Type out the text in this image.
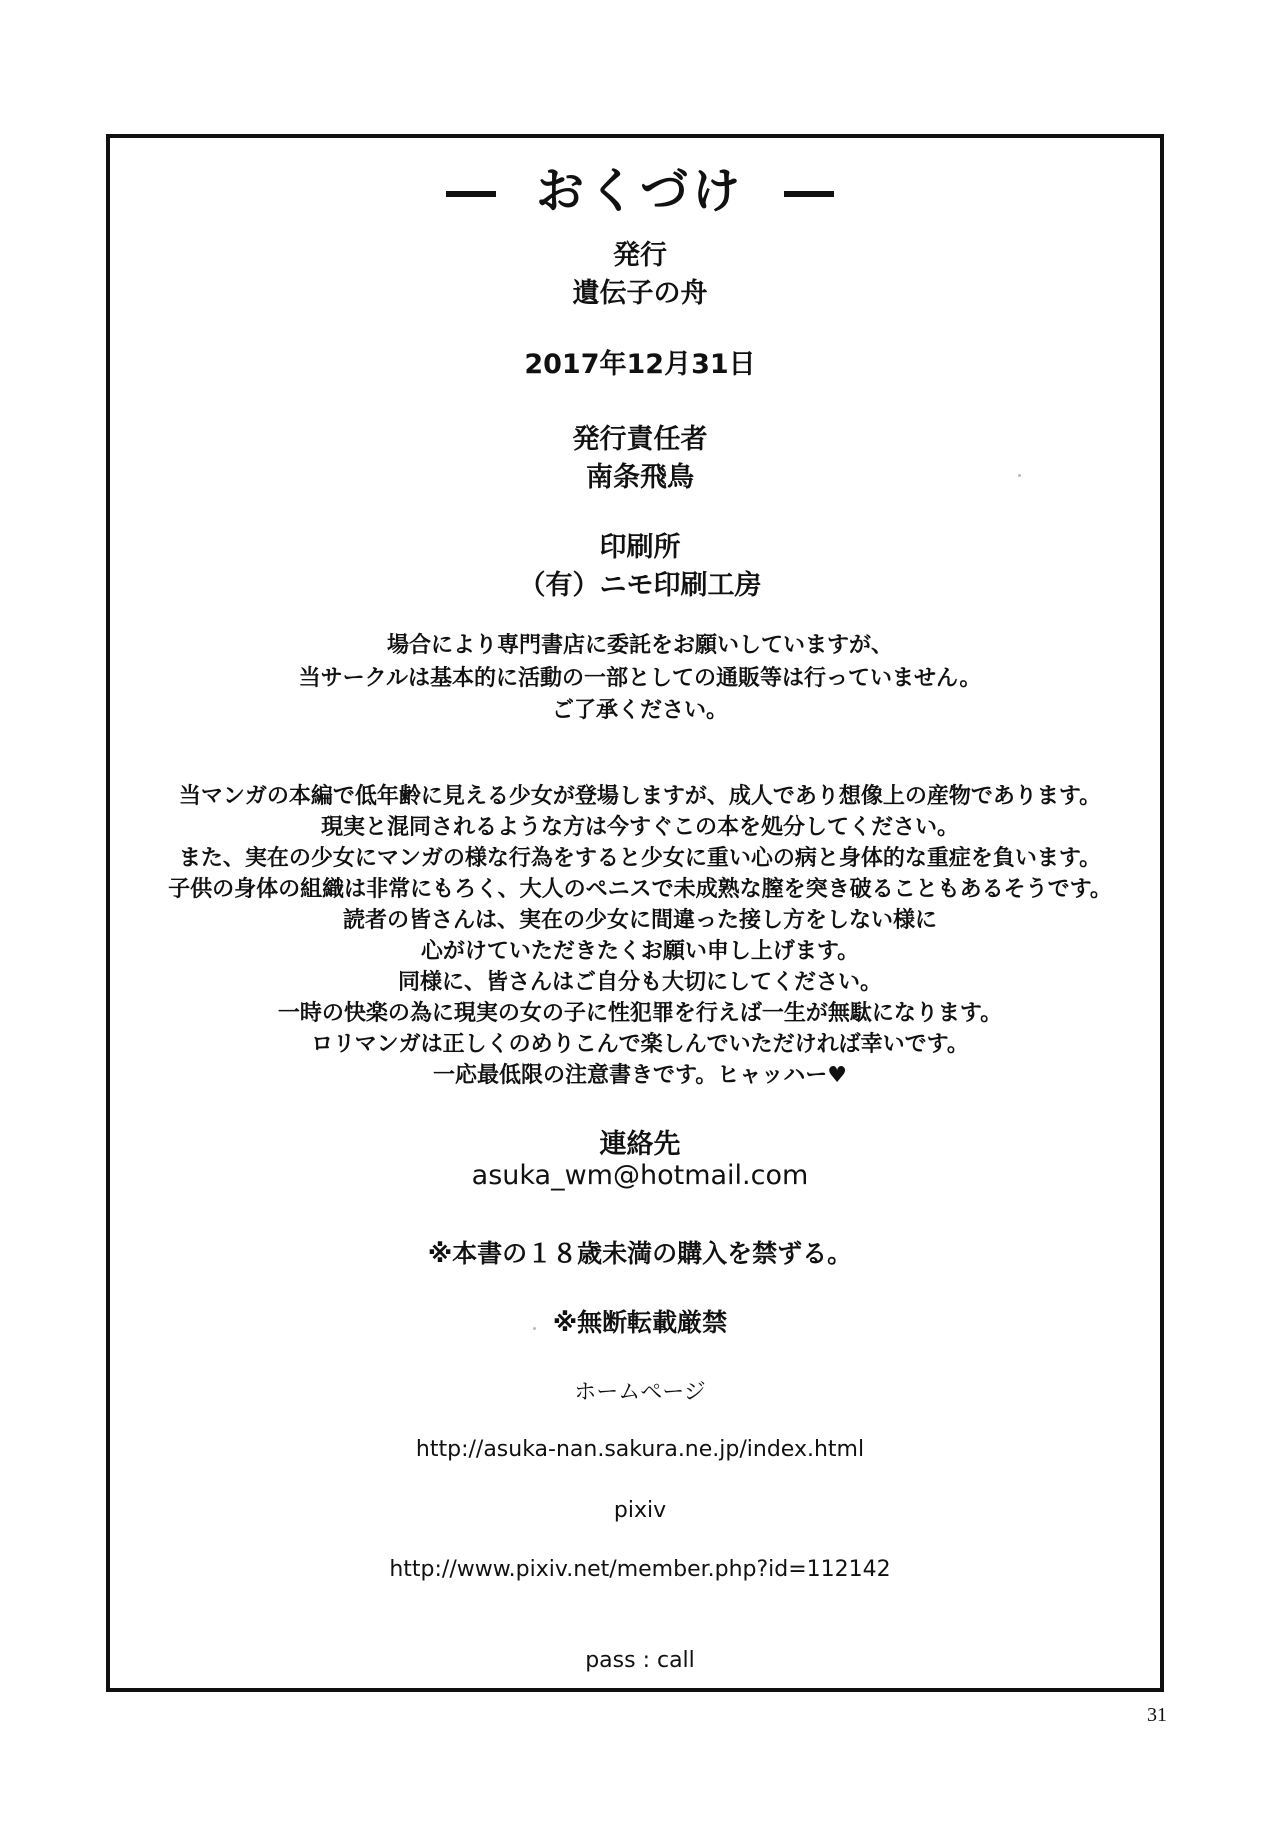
おくづけ
発行
遺伝子の舟
2017年12月31日
発行責任者
南条飛鳥
印刷所
（有）ニモ印刷工房
場合により専門書店に委託をお願いしていますが、
当サークルは基本的に活動の一部としての通販等は行っていません。
ご了承ください。
当マンガの本編で低年齢に見える少女が登場しますが、成人であり想像上の産物であります。
現実と混同されるような方は今すぐこの本を処分してください。
また、実在の少女にマンガの様な行為をすると少女に重い心の病と身体的な重症を負います。
子供の身体の組織は非常にもろく、大人のペニスで未成熟な膣を突き破ることもあるそうです。
読者の皆さんは、実在の少女に間違った接し方をしない様に
心がけていただきたくお願い申し上げます。
同様に、皆さんはご自分も大切にしてください。
一時の快楽の為に現実の女の子に性犯罪を行えば一生が無駄になります。
ロリマンガは正しくのめりこんで楽しんでいただければ幸いです。
一応最低限の注意書きです。ヒャッハー♥
連絡先
asuka_wm@hotmail.com
※本書の１８歳未満の購入を禁ずる。
※無断転載厳禁
ホームページ
http://asuka-nan.sakura.ne.jp/index.html
pixiv
http://www.pixiv.net/member.php?id=112142
pass : call
31
